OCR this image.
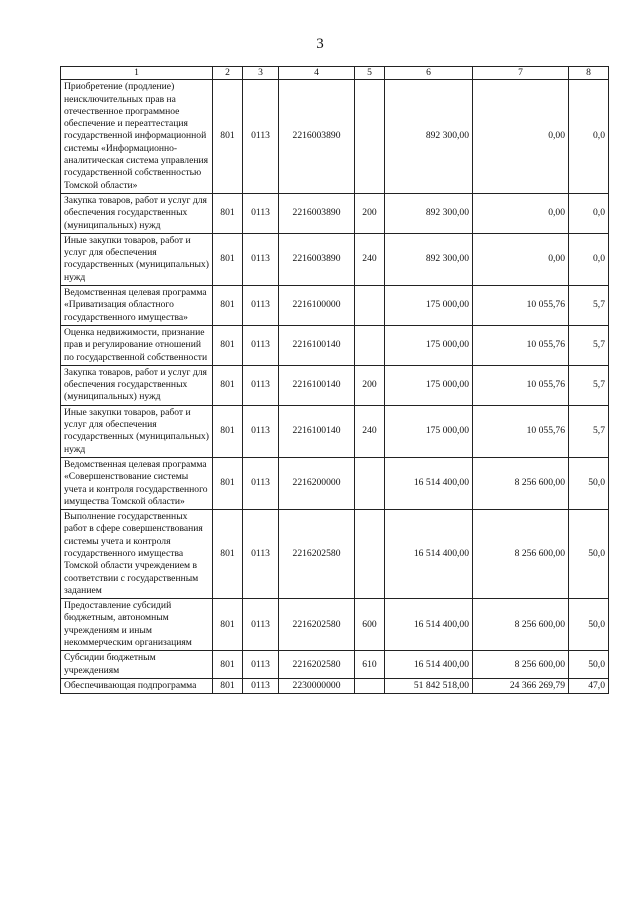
3
1	2	3	4	5	6	7	8
Приобретение (продление) неисключительных прав на отечественное программное обеспечение и переаттестация государственной информационной системы «Информационно-аналитическая система управления государственной собственностью Томской области»	801	0113	2216003890		892 300,00	0,00	0,0
Закупка товаров, работ и услуг для обеспечения государственных (муниципальных) нужд	801	0113	2216003890	200	892 300,00	0,00	0,0
Иные закупки товаров, работ и услуг для обеспечения государственных (муниципальных) нужд	801	0113	2216003890	240	892 300,00	0,00	0,0
Ведомственная целевая программа «Приватизация областного государственного имущества»	801	0113	2216100000		175 000,00	10 055,76	5,7
Оценка недвижимости, признание прав и регулирование отношений по государственной собственности	801	0113	2216100140		175 000,00	10 055,76	5,7
Закупка товаров, работ и услуг для обеспечения государственных (муниципальных) нужд	801	0113	2216100140	200	175 000,00	10 055,76	5,7
Иные закупки товаров, работ и услуг для обеспечения государственных (муниципальных) нужд	801	0113	2216100140	240	175 000,00	10 055,76	5,7
Ведомственная целевая программа «Совершенствование системы учета и контроля государственного имущества Томской области»	801	0113	2216200000		16 514 400,00	8 256 600,00	50,0
Выполнение государственных работ в сфере совершенствования системы учета и контроля государственного имущества Томской области учреждением в соответствии с государственным заданием	801	0113	2216202580		16 514 400,00	8 256 600,00	50,0
Предоставление субсидий бюджетным, автономным учреждениям и иным некоммерческим организациям	801	0113	2216202580	600	16 514 400,00	8 256 600,00	50,0
Субсидии бюджетным учреждениям	801	0113	2216202580	610	16 514 400,00	8 256 600,00	50,0
Обеспечивающая подпрограмма	801	0113	2230000000		51 842 518,00	24 366 269,79	47,0
